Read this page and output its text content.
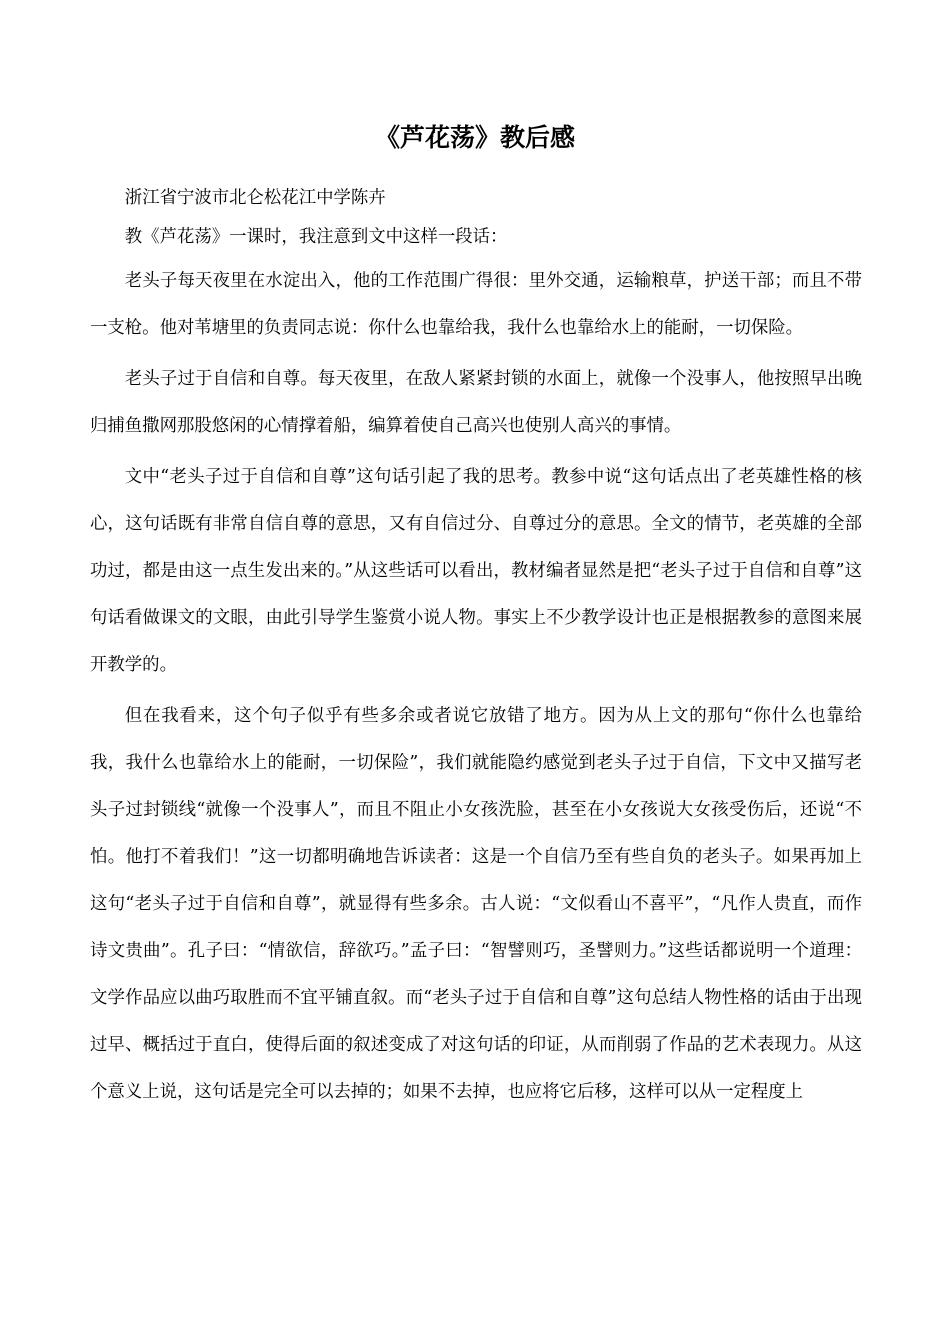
《芦花荡》教后感

浙江省宁波市北仑松花江中学陈卉

教《芦花荡》一课时，我注意到文中这样一段话：

老头子每天夜里在水淀出入，他的工作范围广得很：里外交通，运输粮草，护送干部；而且不带一支枪。他对苇塘里的负责同志说：你什么也靠给我，我什么也靠给水上的能耐，一切保险。

老头子过于自信和自尊。每天夜里，在敌人紧紧封锁的水面上，就像一个没事人，他按照早出晚归捕鱼撒网那股悠闲的心情撑着船，编算着使自己高兴也使别人高兴的事情。

文中“老头子过于自信和自尊”这句话引起了我的思考。教参中说“这句话点出了老英雄性格的核心，这句话既有非常自信自尊的意思，又有自信过分、自尊过分的意思。全文的情节，老英雄的全部功过，都是由这一点生发出来的。”从这些话可以看出，教材编者显然是把“老头子过于自信和自尊”这句话看做课文的文眼，由此引导学生鉴赏小说人物。事实上不少教学设计也正是根据教参的意图来展开教学的。

但在我看来，这个句子似乎有些多余或者说它放错了地方。因为从上文的那句“你什么也靠给我，我什么也靠给水上的能耐，一切保险”，我们就能隐约感觉到老头子过于自信，下文中又描写老头子过封锁线“就像一个没事人”，而且不阻止小女孩洗脸，甚至在小女孩说大女孩受伤后，还说“不怕。他打不着我们！”这一切都明确地告诉读者：这是一个自信乃至有些自负的老头子。如果再加上这句“老头子过于自信和自尊”，就显得有些多余。古人说：“文似看山不喜平”，“凡作人贵直，而作诗文贵曲”。孔子曰：“情欲信，辞欲巧。”孟子曰：“智譬则巧，圣譬则力。”这些话都说明一个道理：文学作品应以曲巧取胜而不宜平铺直叙。而“老头子过于自信和自尊”这句总结人物性格的话由于出现过早、概括过于直白，使得后面的叙述变成了对这句话的印证，从而削弱了作品的艺术表现力。从这个意义上说，这句话是完全可以去掉的；如果不去掉，也应将它后移，这样可以从一定程度上
